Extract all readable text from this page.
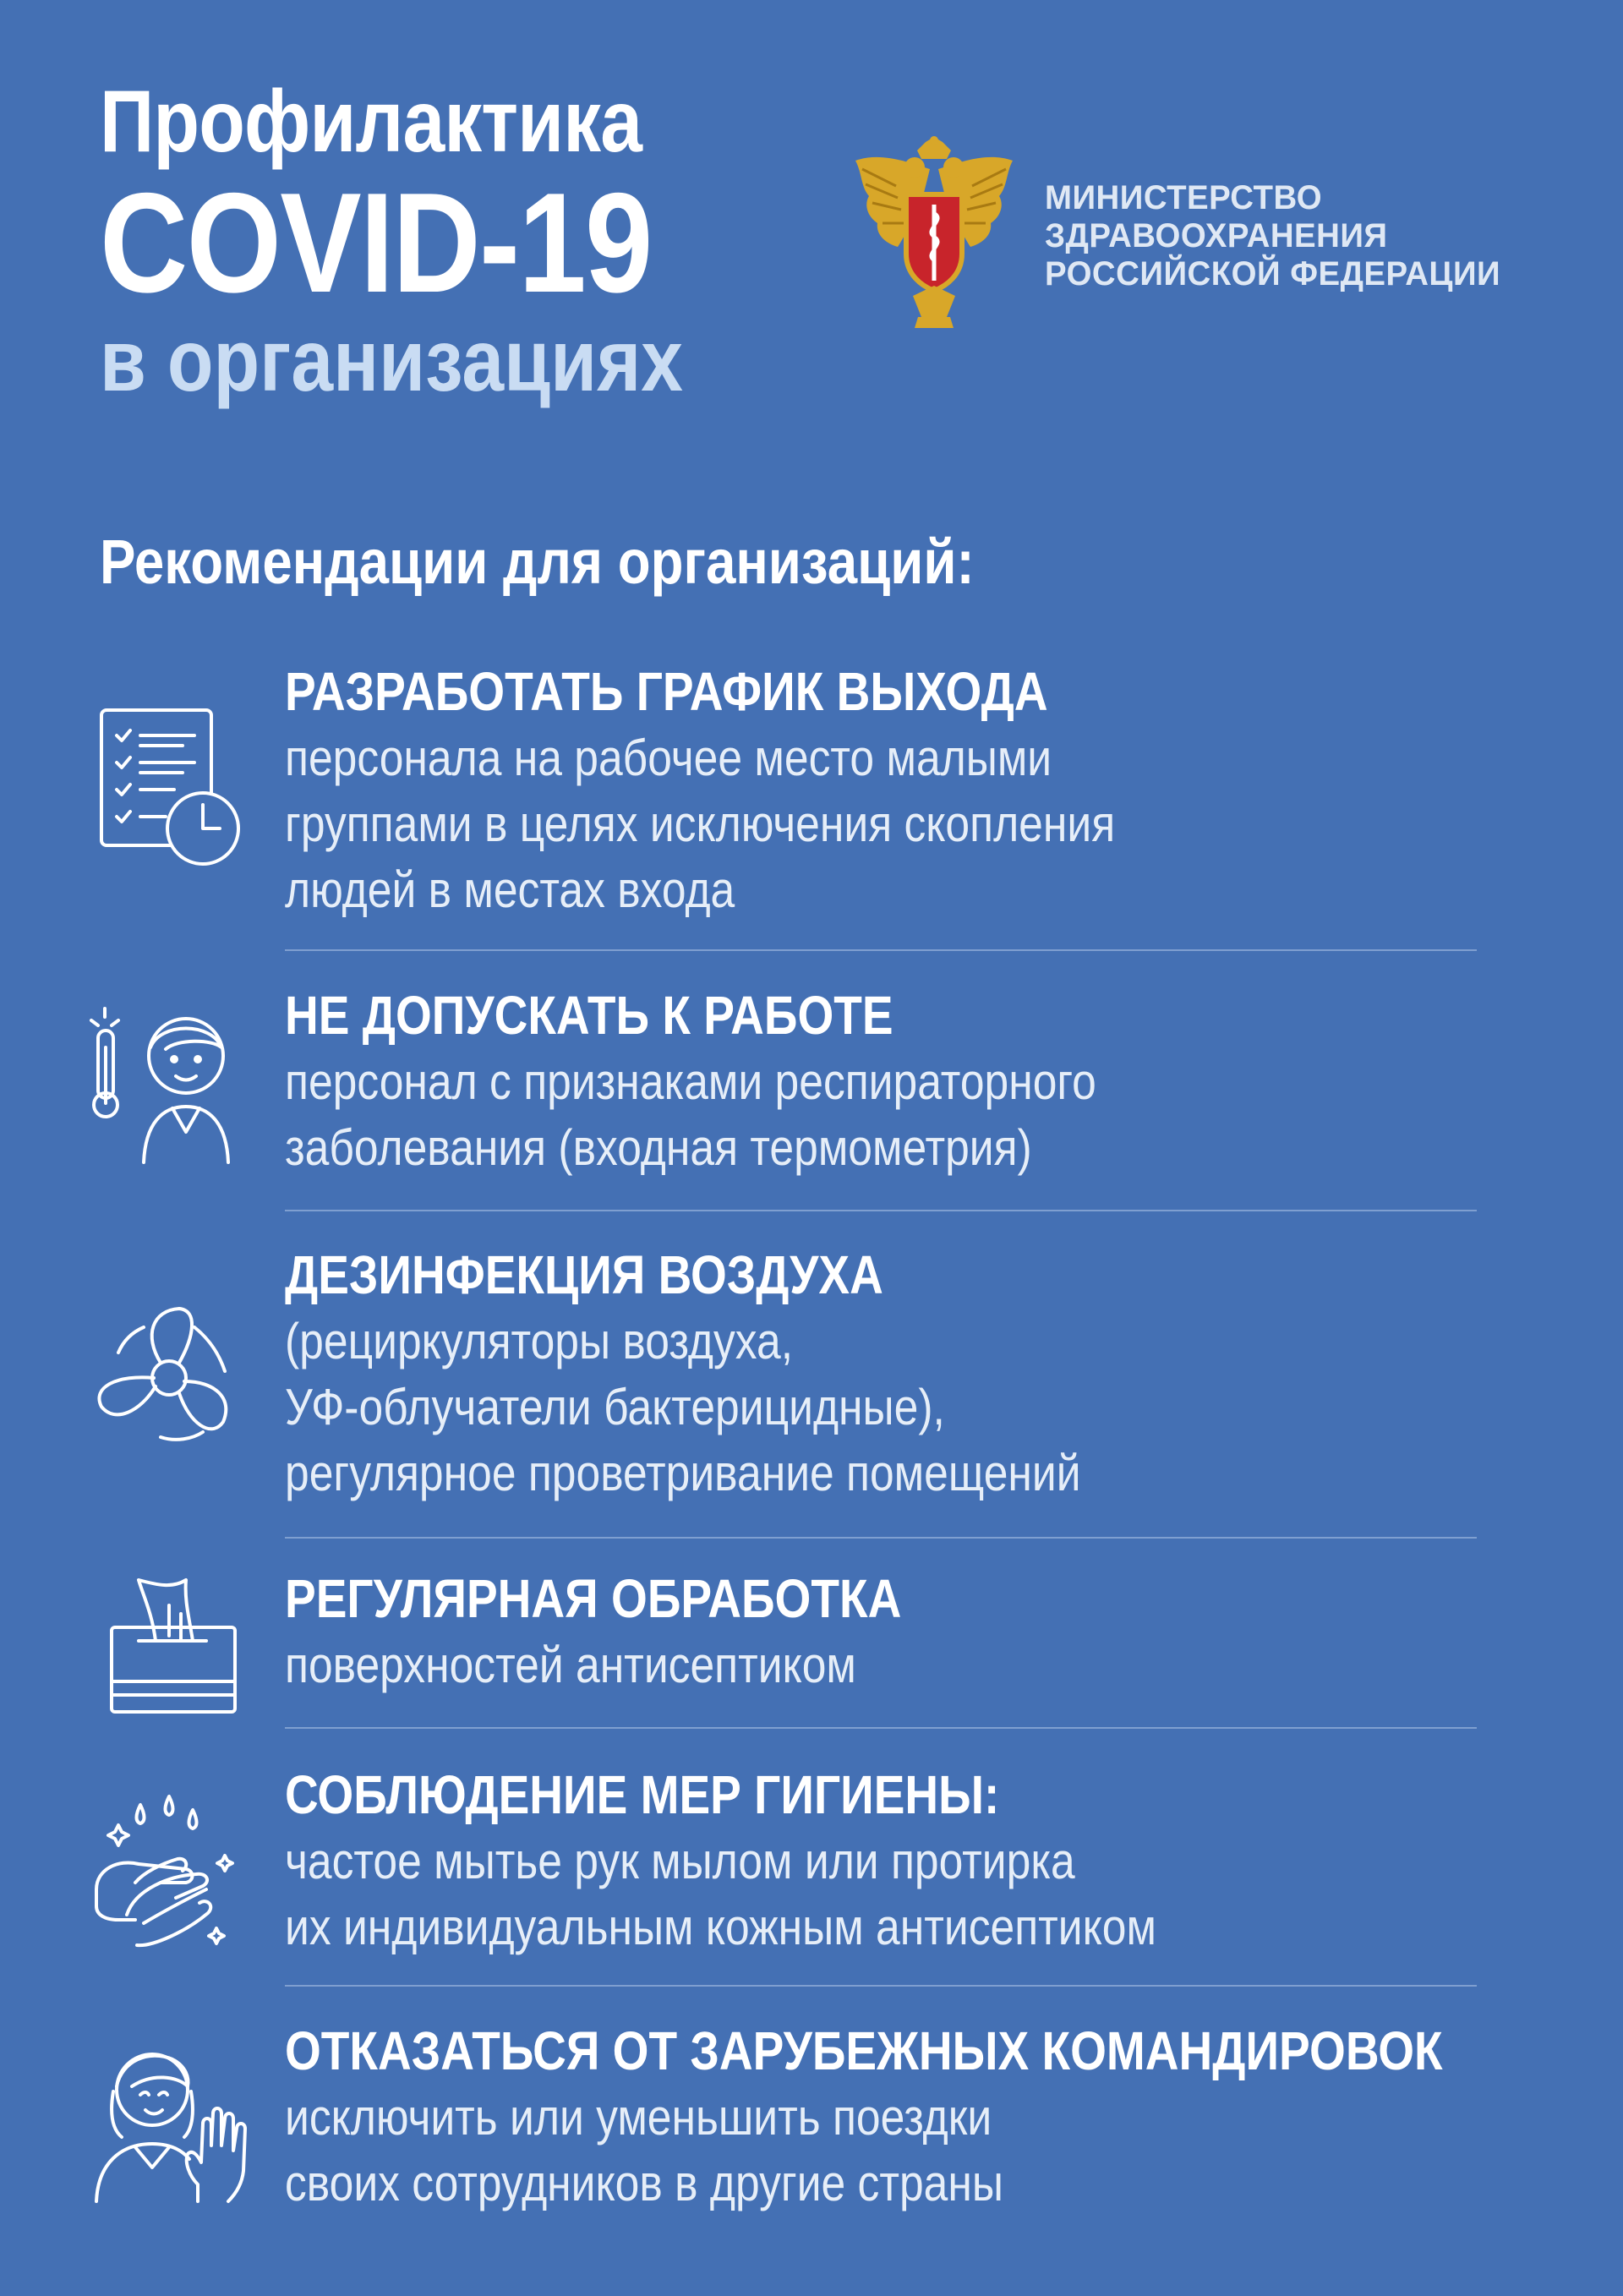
Профилактика
COVID-19
в организациях
МИНИСТЕРСТВО
ЗДРАВООХРАНЕНИЯ
РОССИЙСКОЙ ФЕДЕРАЦИИ
Рекомендации для организаций:
РАЗРАБОТАТЬ ГРАФИК ВЫХОДА
персонала на рабочее место малыми
группами в целях исключения скопления
людей в местах входа
НЕ ДОПУСКАТЬ К РАБОТЕ
персонал с признаками респираторного
заболевания (входная термометрия)
ДЕЗИНФЕКЦИЯ ВОЗДУХА
(рециркуляторы воздуха,
УФ-облучатели бактерицидные),
регулярное проветривание помещений
РЕГУЛЯРНАЯ ОБРАБОТКА
поверхностей антисептиком
СОБЛЮДЕНИЕ МЕР ГИГИЕНЫ:
частое мытье рук мылом или протирка
их индивидуальным кожным антисептиком
ОТКАЗАТЬСЯ ОТ ЗАРУБЕЖНЫХ КОМАНДИРОВОК
исключить или уменьшить поездки
своих сотрудников в другие страны
